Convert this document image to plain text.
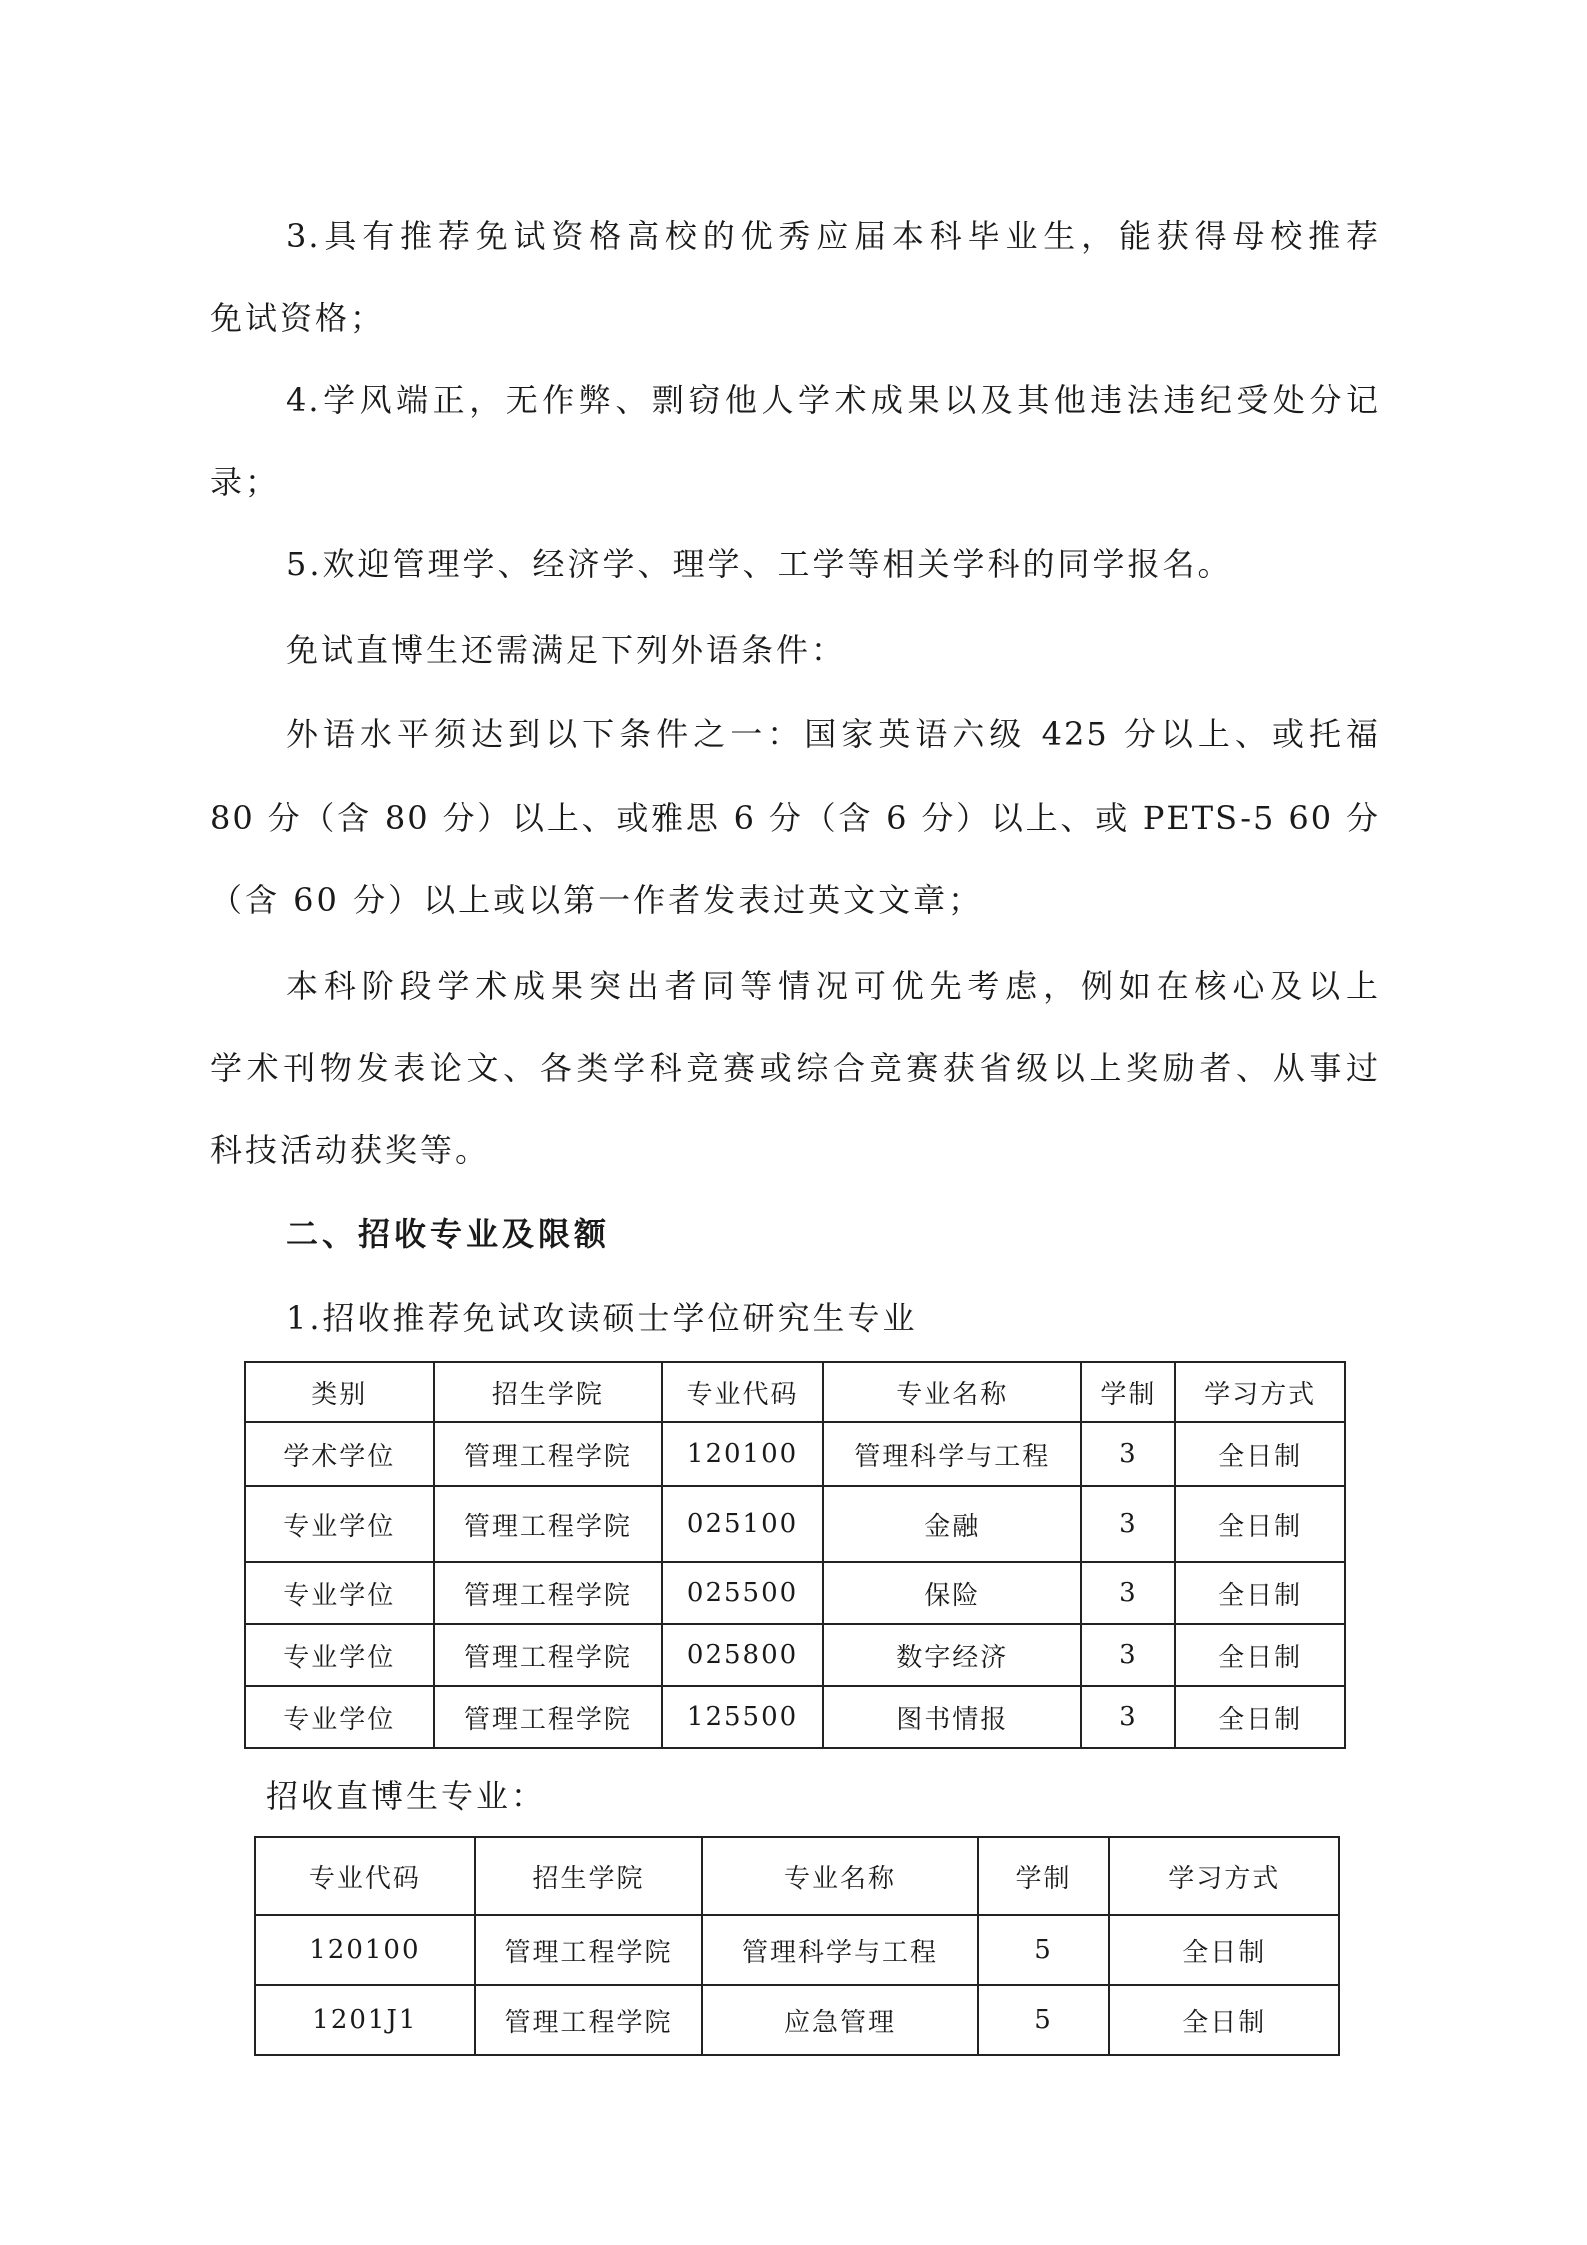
3.具有推荐免试资格高校的优秀应届本科毕业生，能获得母校推荐
免试资格；
4.学风端正，无作弊、剽窃他人学术成果以及其他违法违纪受处分记
录；
5.欢迎管理学、经济学、理学、工学等相关学科的同学报名。
免试直博生还需满足下列外语条件：
外语水平须达到以下条件之一：国家英语六级 425 分以上、或托福
80 分（含 80 分）以上、或雅思 6 分（含 6 分）以上、或 PETS-5 60 分
（含 60 分）以上或以第一作者发表过英文文章；
本科阶段学术成果突出者同等情况可优先考虑，例如在核心及以上
学术刊物发表论文、各类学科竞赛或综合竞赛获省级以上奖励者、从事过
科技活动获奖等。
二、招收专业及限额
1.招收推荐免试攻读硕士学位研究生专业
类别	招生学院	专业代码	专业名称	学制	学习方式
学术学位	管理工程学院	120100	管理科学与工程	3	全日制
专业学位	管理工程学院	025100	金融	3	全日制
专业学位	管理工程学院	025500	保险	3	全日制
专业学位	管理工程学院	025800	数字经济	3	全日制
专业学位	管理工程学院	125500	图书情报	3	全日制
招收直博生专业：
专业代码	招生学院	专业名称	学制	学习方式
120100	管理工程学院	管理科学与工程	5	全日制
1201J1	管理工程学院	应急管理	5	全日制
